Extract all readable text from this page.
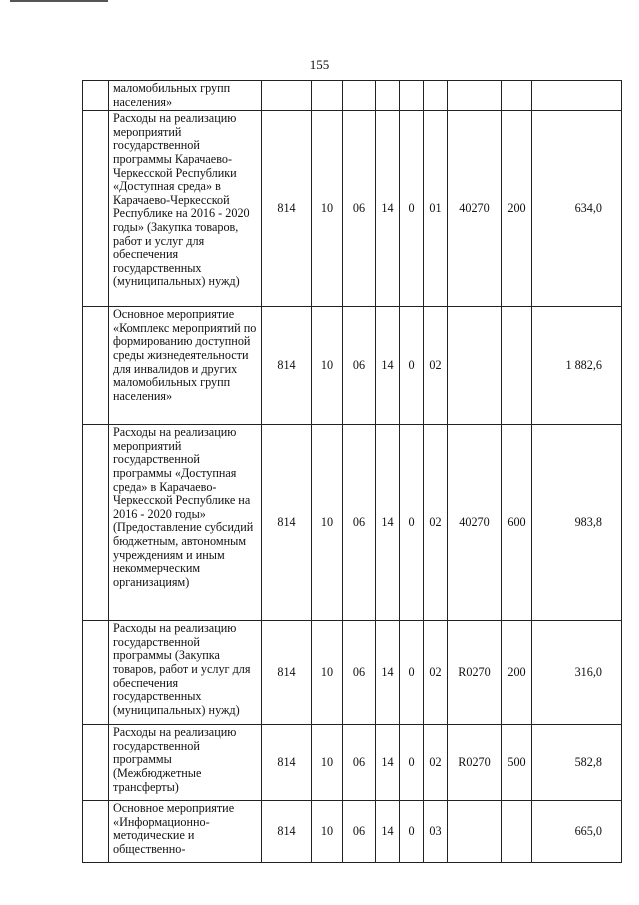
155
	маломобильных групп населения»									
	Расходы на реализацию мероприятий государственной программы Карачаево-Черкесской Республики «Доступная среда» в Карачаево-Черкесской Республике на 2016 - 2020 годы» (Закупка товаров, работ и услуг для обеспечения государственных (муниципальных) нужд)	814	10	06	14	0	01	40270	200	634,0
	Основное мероприятие «Комплекс мероприятий по формированию доступной среды жизнедеятельности для инвалидов и других маломобильных групп населения»	814	10	06	14	0	02			1 882,6
	Расходы на реализацию мероприятий государственной программы «Доступная среда» в Карачаево-Черкесской Республике на 2016 - 2020 годы» (Предоставление субсидий бюджетным, автономным учреждениям и иным некоммерческим организациям)	814	10	06	14	0	02	40270	600	983,8
	Расходы на реализацию государственной программы (Закупка товаров, работ и услуг для обеспечения государственных (муниципальных) нужд)	814	10	06	14	0	02	R0270	200	316,0
	Расходы на реализацию государственной программы (Межбюджетные трансферты)	814	10	06	14	0	02	R0270	500	582,8
	Основное мероприятие «Информационно-методические и общественно-	814	10	06	14	0	03			665,0
